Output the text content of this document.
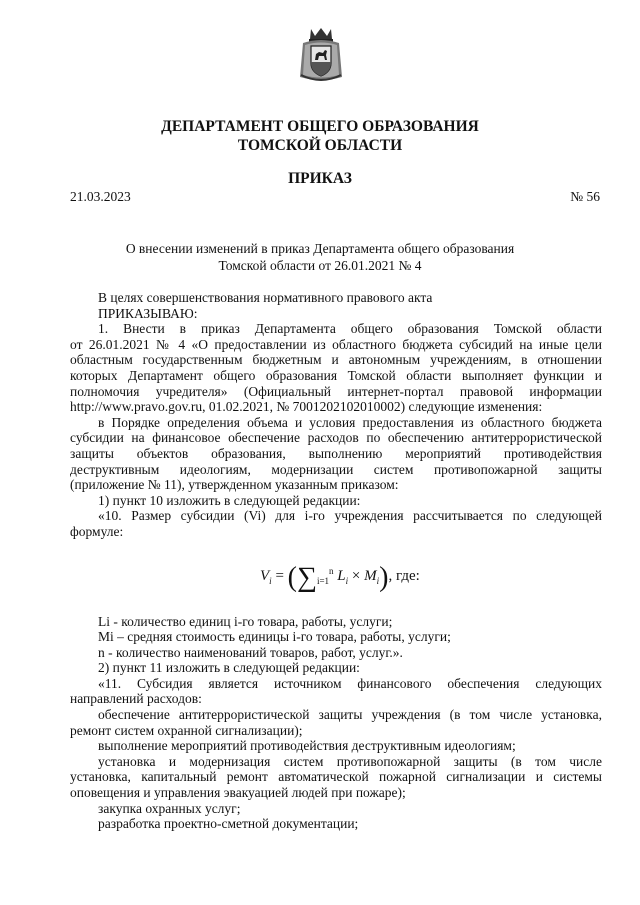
ДЕПАРТАМЕНТ ОБЩЕГО ОБРАЗОВАНИЯ
ТОМСКОЙ ОБЛАСТИ
ПРИКАЗ
21.03.2023	№ 56
О внесении изменений в приказ Департамента общего образования
Томской области от 26.01.2021 № 4
В целях совершенствования нормативного правового акта
ПРИКАЗЫВАЮ:
1. Внести в приказ Департамента общего образования Томской области
от 26.01.2021 № 4 «О предоставлении из областного бюджета субсидий на иные цели
областным государственным бюджетным и автономным учреждениям, в отношении
которых Департамент общего образования Томской области выполняет функции и
полномочия учредителя» (Официальный интернет-портал правовой информации
http://www.pravo.gov.ru, 01.02.2021, № 7001202102010002) следующие изменения:
в Порядке определения объема и условия предоставления из областного бюджета
субсидии на финансовое обеспечение расходов по обеспечению антитеррористической
защиты объектов образования, выполнению мероприятий противодействия
деструктивным идеологиям, модернизации систем противопожарной защиты
(приложение № 11), утвержденном указанным приказом:
1) пункт 10 изложить в следующей редакции:
«10. Размер субсидии (Vi) для i-го учреждения рассчитывается по следующей
формуле:
$V_i = (\sum_{i=1}^n$ $L_i \times M_i$), где:
Li - количество единиц i-го товара, работы, услуги;
Mi – средняя стоимость единицы i-го товара, работы, услуги;
n - количество наименований товаров, работ, услуг.».
2) пункт 11 изложить в следующей редакции:
«11. Субсидия является источником финансового обеспечения следующих
направлений расходов:
обеспечение антитеррористической защиты учреждения (в том числе установка,
ремонт систем охранной сигнализации);
выполнение мероприятий противодействия деструктивным идеологиям;
установка и модернизация систем противопожарной защиты (в том числе
установка, капитальный ремонт автоматической пожарной сигнализации и системы
оповещения и управления эвакуацией людей при пожаре);
закупка охранных услуг;
разработка проектно-сметной документации;
